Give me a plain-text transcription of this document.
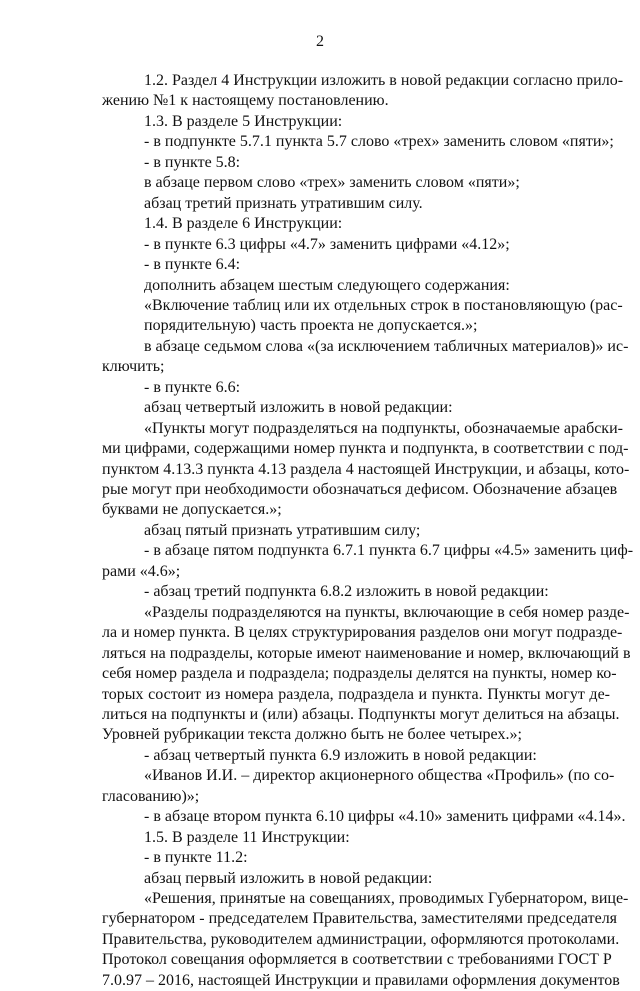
2
1.2. Раздел 4 Инструкции изложить в новой редакции согласно прило-
жению №1 к настоящему постановлению.
1.3. В разделе 5 Инструкции:
- в подпункте 5.7.1 пункта 5.7 слово «трех» заменить словом «пяти»;
- в пункте 5.8:
в абзаце первом слово «трех» заменить словом «пяти»;
абзац третий признать утратившим силу.
1.4. В разделе 6 Инструкции:
- в пункте 6.3 цифры «4.7» заменить цифрами «4.12»;
- в пункте 6.4:
дополнить абзацем шестым следующего содержания:
«Включение таблиц или их отдельных строк в постановляющую (рас-
порядительную) часть проекта не допускается.»;
в абзаце седьмом слова «(за исключением табличных материалов)» ис-
ключить;
- в пункте 6.6:
абзац четвертый изложить в новой редакции:
«Пункты могут подразделяться на подпункты, обозначаемые арабски-
ми цифрами, содержащими номер пункта и подпункта, в соответствии с под-
пунктом 4.13.3 пункта 4.13 раздела 4 настоящей Инструкции, и абзацы, кото-
рые могут при необходимости обозначаться дефисом. Обозначение абзацев
буквами не допускается.»;
абзац пятый признать утратившим силу;
- в абзаце пятом подпункта 6.7.1 пункта 6.7 цифры «4.5» заменить циф-
рами «4.6»;
- абзац третий подпункта 6.8.2 изложить в новой редакции:
«Разделы подразделяются на пункты, включающие в себя номер разде-
ла и номер пункта. В целях структурирования разделов они могут подразде-
ляться на подразделы, которые имеют наименование и номер, включающий в
себя номер раздела и подраздела; подразделы делятся на пункты, номер ко-
торых состоит из номера раздела, подраздела и пункта. Пункты могут де-
литься на подпункты и (или) абзацы. Подпункты могут делиться на абзацы.
Уровней рубрикации текста должно быть не более четырех.»;
- абзац четвертый пункта 6.9 изложить в новой редакции:
«Иванов И.И. – директор акционерного общества «Профиль» (по со-
гласованию)»;
- в абзаце втором пункта 6.10 цифры «4.10» заменить цифрами «4.14».
1.5. В разделе 11 Инструкции:
- в пункте 11.2:
абзац первый изложить в новой редакции:
«Решения, принятые на совещаниях, проводимых Губернатором, вице-
губернатором - председателем Правительства, заместителями председателя
Правительства, руководителем администрации, оформляются протоколами.
Протокол совещания оформляется в соответствии с требованиями ГОСТ Р
7.0.97 – 2016, настоящей Инструкции и правилами оформления документов
